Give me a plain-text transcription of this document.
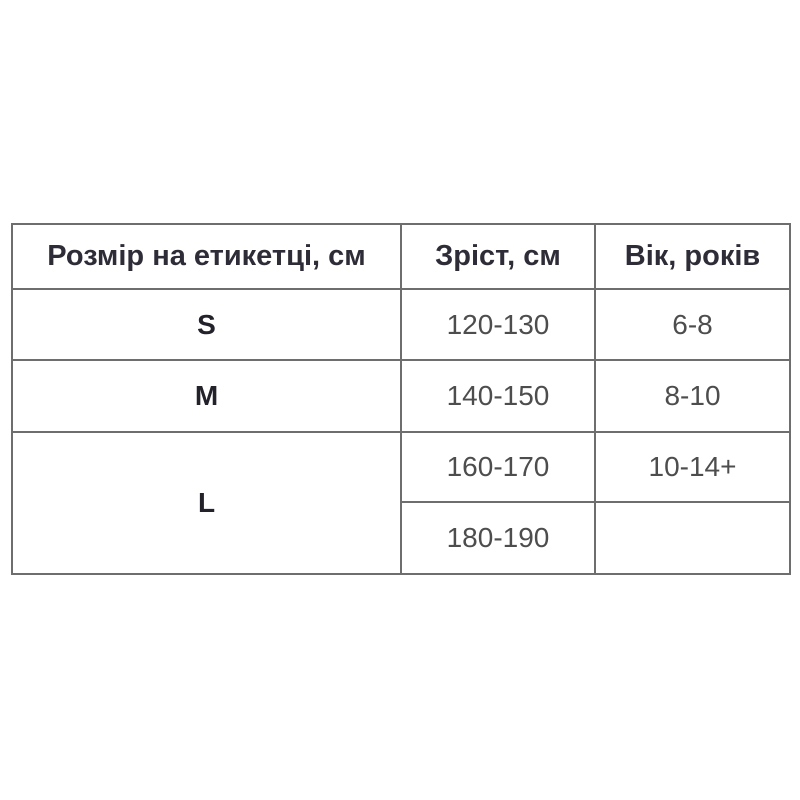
Розмір на етикетці, см	Зріст, см	Вік, років
S	120-130	6-8
M	140-150	8-10
L	160-170	10-14+
	180-190	
